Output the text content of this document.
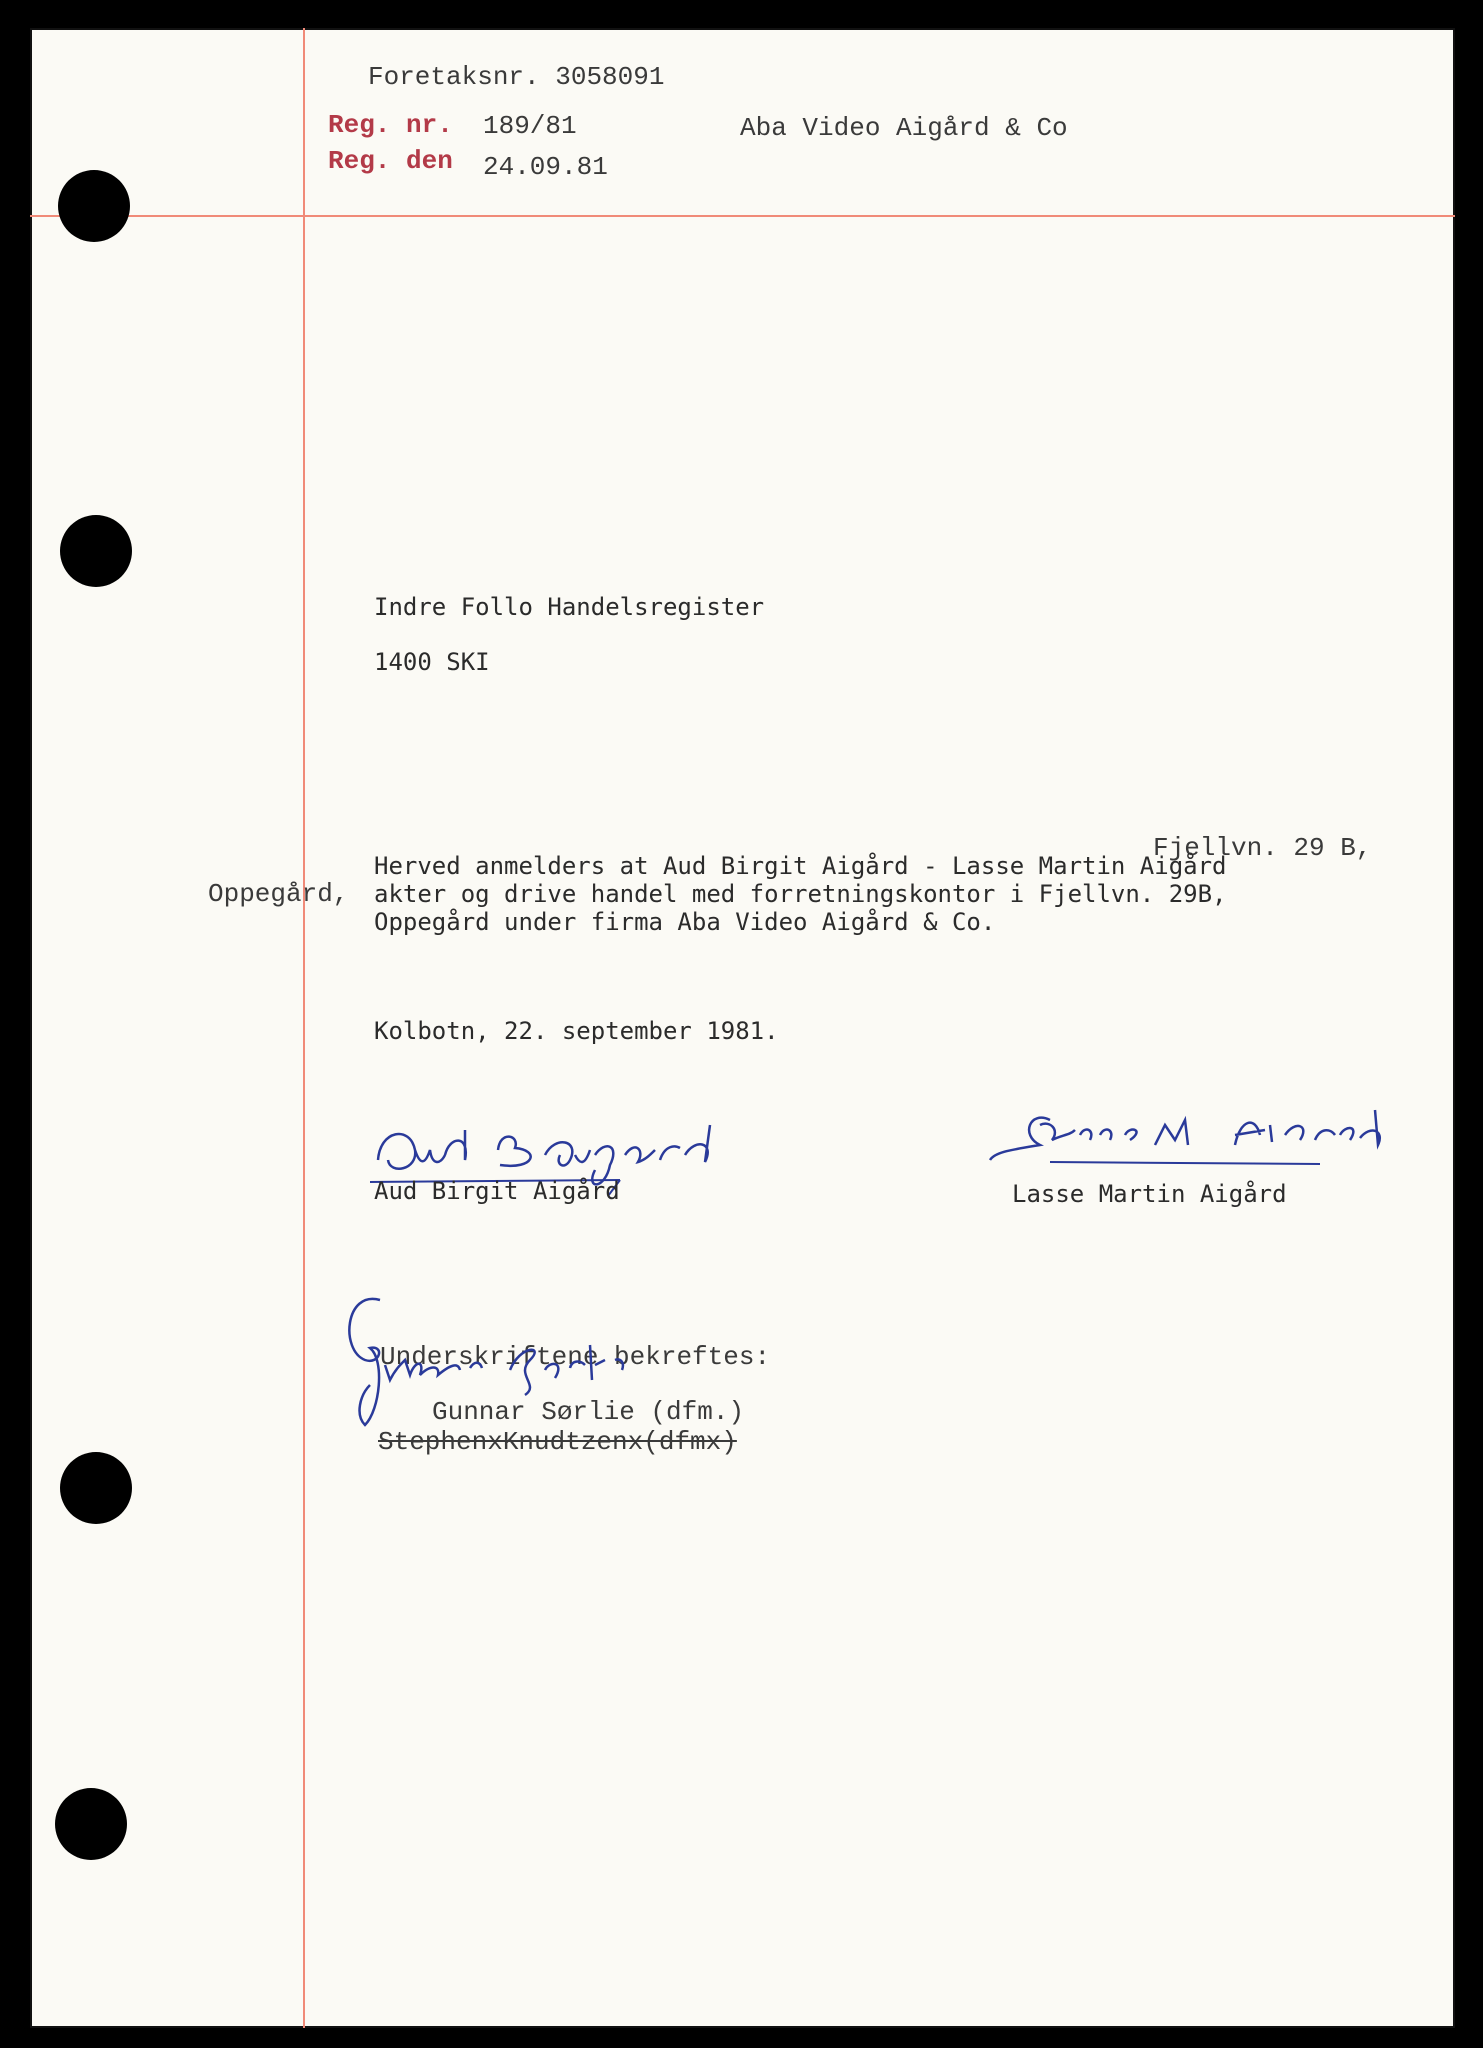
Foretaksnr. 3058091
Reg. nr. 189/81	Aba Video Aigård & Co
Reg. den 24.09.81
Indre Follo Handelsregister
1400 SKI
Fjellvn. 29 B,
Herved anmelders at Aud Birgit Aigård - Lasse Martin Aigård
Oppegård, akter og drive handel med forretningskontor i Fjellvn. 29B,
Oppegård under firma Aba Video Aigård & Co.
Kolbotn, 22. september 1981.
Aud Birgit Aigård	Lasse Martin Aigård
Underskriftene bekreftes:
Gunnar Sørlie (dfm.)
StephenxKnudtzenx(dfmx)
